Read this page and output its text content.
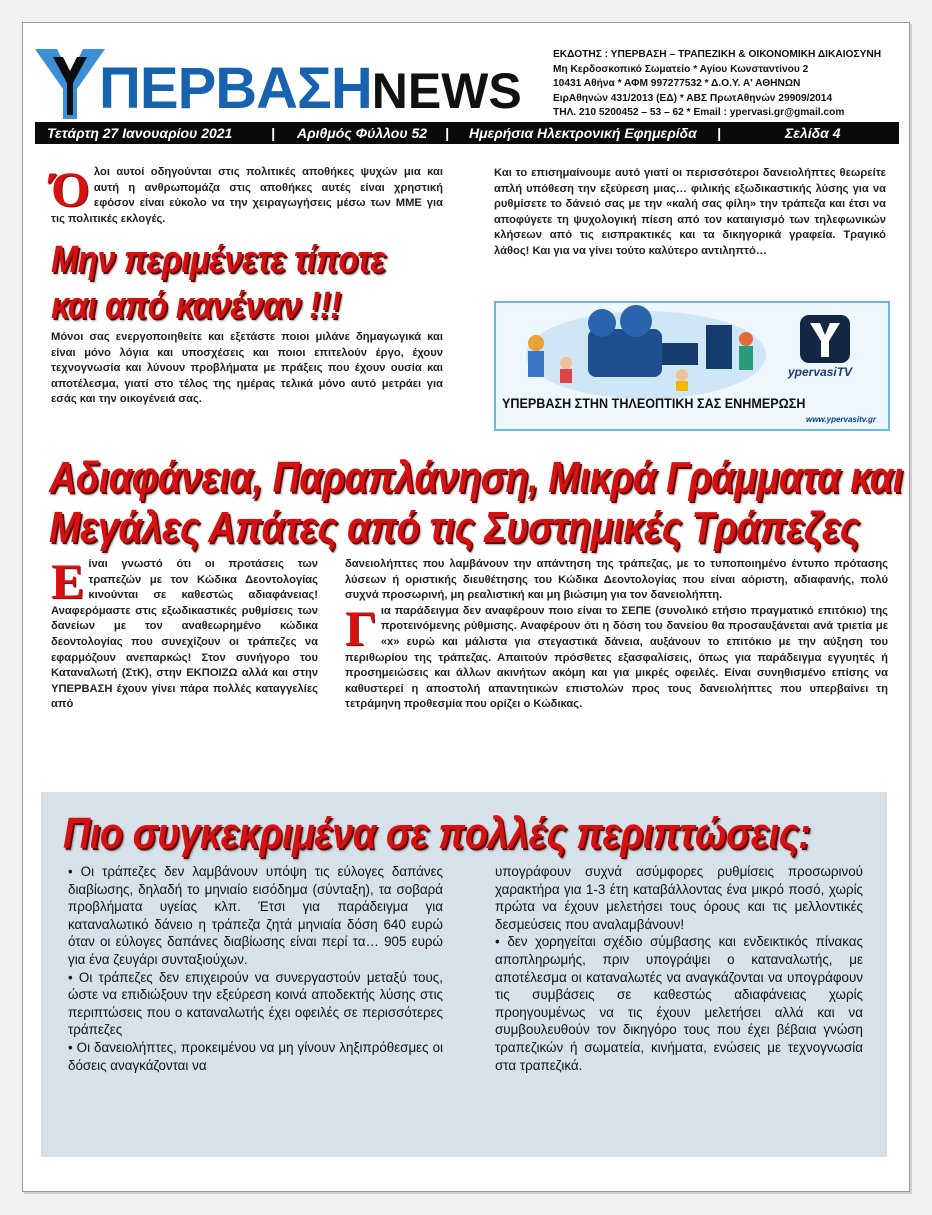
ΠΕΡΒΑΣΗNEWS
ΕΚΔΟΤΗΣ : ΥΠΕΡΒΑΣΗ – ΤΡΑΠΕΖΙΚΗ & ΟΙΚΟΝΟΜΙΚΗ ΔΙΚΑΙΟΣΥΝΗ
Μη Κερδοσκοπικό Σωματείο * Αγίου Κωνσταντίνου 2
10431 Αθήνα * ΑΦΜ 997277532 * Δ.Ο.Υ. Α' ΑΘΗΝΩΝ
ΕιρΑθηνών 431/2013 (ΕΔ) * ΑΒΣ ΠρωτΑθηνών 29909/2014
ΤΗΛ. 210 5200452 – 53 – 62 * Email : ypervasi.gr@gmail.com
Τετάρτη 27 Ιανουαρίου 2021	| Αριθμός Φύλλου 52 | Ημερήσια Ηλεκτρονική Εφημερίδα |	Σελίδα 4
Όλοι αυτοί οδηγούνται στις πολιτικές αποθήκες ψυχών μια και αυτή η ανθρωπομάζα στις αποθήκες αυτές είναι χρηστική εφόσον είναι εύκολο να την χειραγωγήσεις μέσω των ΜΜΕ για τις πολιτικές εκλογές.
Μην περιμένετε τίποτε
και από κανέναν !!!
Μόνοι σας ενεργοποιηθείτε και εξετάστε ποιοι μιλάνε δημαγωγικά και είναι μόνο λόγια και υποσχέσεις και ποιοι επιτελούν έργο, έχουν τεχνογνωσία και λύνουν προβλήματα με πράξεις που έχουν ουσία και αποτέλεσμα, γιατί στο τέλος της ημέρας τελικά μόνο αυτό μετράει για εσάς και την οικογένειά σας.
Και το επισημαίνουμε αυτό γιατί οι περισσότεροι δανειολήπτες θεωρείτε απλή υπόθεση την εξεύρεση μιας… φιλικής εξωδικαστικής λύσης για να ρυθμίσετε το δάνειό σας με την «καλή σας φίλη» την τράπεζα και έτσι να αποφύγετε τη ψυχολογική πίεση από τον καταιγισμό των τηλεφωνικών κλήσεων από τις εισπρακτικές και τα δικηγορικά γραφεία. Τραγικό λάθος! Και για να γίνει τούτο καλύτερο αντιληπτό…
ypervasiTV
ΥΠΕΡΒΑΣΗ ΣΤΗΝ ΤΗΛΕΟΠΤΙΚΗ ΣΑΣ ΕΝΗΜΕΡΩΣΗ
www.ypervasitv.gr
Αδιαφάνεια, Παραπλάνηση, Μικρά Γράμματα και
Μεγάλες Απάτες από τις Συστημικές Τράπεζες
Είναι γνωστό ότι οι προτάσεις των τραπεζών με τον Κώδικα Δεοντολογίας κινούνται σε καθεστώς αδιαφάνειας! Αναφερόμαστε στις εξωδικαστικές ρυθμίσεις των δανείων με τον αναθεωρημένο κώδικα δεοντολογίας που συνεχίζουν οι τράπεζες να εφαρμόζουν ανεπαρκώς! Στον συνήγορο του Καταναλωτή (ΣτΚ), στην ΕΚΠΟΙΖΩ αλλά και στην ΥΠΕΡΒΑΣΗ έχουν γίνει πάρα πολλές καταγγελίες από
δανειολήπτες που λαμβάνουν την απάντηση της τράπεζας, με το τυποποιημένο έντυπο πρότασης λύσεων ή οριστικής διευθέτησης του Κώδικα Δεοντολογίας που είναι αόριστη, αδιαφανής, πολύ συχνά προσωρινή, μη ρεαλιστική και μη βιώσιμη για τον δανειολήπτη.
Για παράδειγμα δεν αναφέρουν ποιο είναι το ΣΕΠΕ (συνολικό ετήσιο πραγματικό επιτόκιο) της προτεινόμενης ρύθμισης. Αναφέρουν ότι η δόση του δανείου θα προσαυξάνεται ανά τριετία με «x» ευρώ και μάλιστα για στεγαστικά δάνεια, αυξάνουν το επιτόκιο με την αύξηση του περιθωρίου της τράπεζας. Απαιτούν πρόσθετες εξασφαλίσεις, όπως για παράδειγμα εγγυητές ή προσημειώσεις και άλλων ακινήτων ακόμη και για μικρές οφειλές. Είναι συνηθισμένο επίσης να καθυστερεί η αποστολή απαντητικών επιστολών προς τους δανειολήπτες που υπερβαίνει τη τετράμηνη προθεσμία που ορίζει ο Κώδικας.
Πιο συγκεκριμένα σε πολλές περιπτώσεις:
• Οι τράπεζες δεν λαμβάνουν υπόψη τις εύλογες δαπάνες διαβίωσης, δηλαδή το μηνιαίο εισόδημα (σύνταξη), τα σοβαρά προβλήματα υγείας κλπ. Έτσι για παράδειγμα για καταναλωτικό δάνειο η τράπεζα ζητά μηνιαία δόση 640 ευρώ όταν οι εύλογες δαπάνες διαβίωσης είναι περί τα… 905 ευρώ για ένα ζευγάρι συνταξιούχων.
• Οι τράπεζες δεν επιχειρούν να συνεργαστούν μεταξύ τους, ώστε να επιδιώξουν την εξεύρεση κοινά αποδεκτής λύσης στις περιπτώσεις που ο καταναλωτής έχει οφειλές σε περισσότερες τράπεζες
• Οι δανειολήπτες, προκειμένου να μη γίνουν ληξιπρόθεσμες οι δόσεις αναγκάζονται να
υπογράφουν συχνά ασύμφορες ρυθμίσεις προσωρινού χαρακτήρα για 1-3 έτη καταβάλλοντας ένα μικρό ποσό, χωρίς πρώτα να έχουν μελετήσει τους όρους και τις μελλοντικές δεσμεύσεις που αναλαμβάνουν!
• δεν χορηγείται σχέδιο σύμβασης και ενδεικτικός πίνακας αποπληρωμής, πριν υπογράψει ο καταναλωτής, με αποτέλεσμα οι καταναλωτές να αναγκάζονται να υπογράφουν τις συμβάσεις σε καθεστώς αδιαφάνειας χωρίς προηγουμένως να τις έχουν μελετήσει αλλά και να συμβουλευθούν τον δικηγόρο τους που έχει βέβαια γνώση τραπεζικών ή σωματεία, κινήματα, ενώσεις με τεχνογνωσία στα τραπεζικά.
